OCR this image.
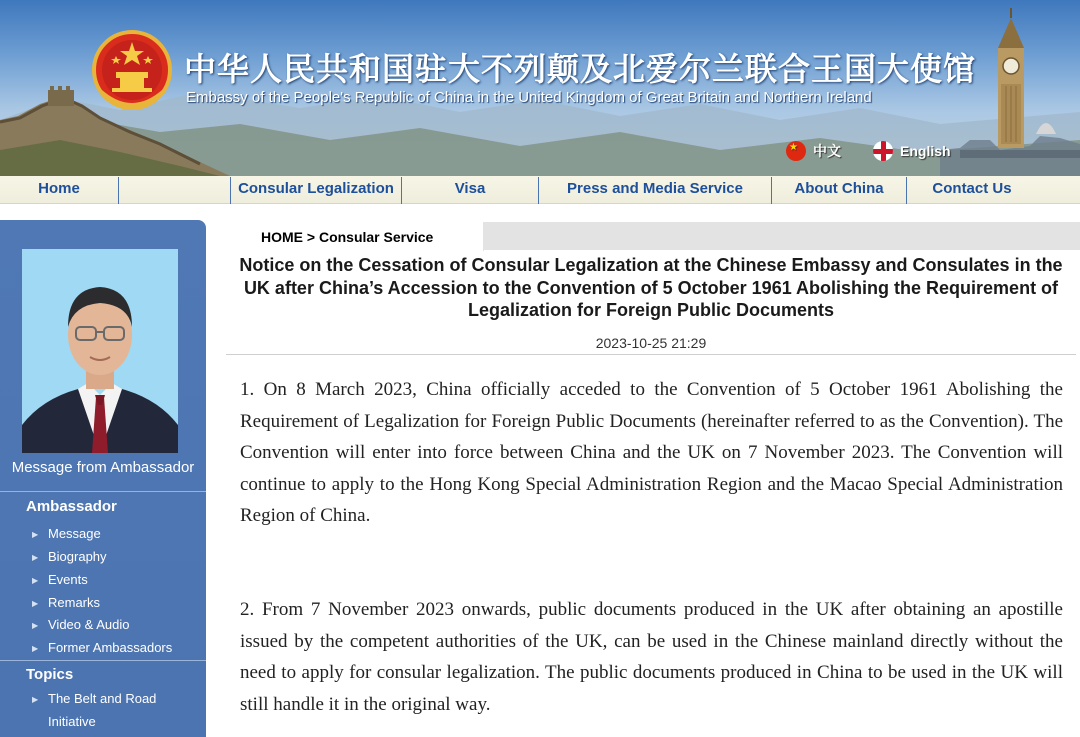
中华人民共和国驻大不列颠及北爱尔兰联合王国大使馆
Embassy of the People's Republic of China in the United Kingdom of Great Britain and Northern Ireland
★
中文	English
Home	Consular Legalization	Visa	Press and Media Service	About China	Contact Us
Message from Ambassador
Ambassador
▶ Message
▶ Biography
▶ Events
▶ Remarks
▶ Video & Audio
▶ Former Ambassadors
Topics
▶ The Belt and Road
Initiative
HOME > Consular Service
Notice on the Cessation of Consular Legalization at the Chinese Embassy and Consulates in the UK after China’s Accession to the Convention of 5 October 1961 Abolishing the Requirement of Legalization for Foreign Public Documents
2023-10-25 21:29
1. On 8 March 2023, China officially acceded to the Convention of 5 October 1961 Abolishing the Requirement of Legalization for Foreign Public Documents (hereinafter referred to as the Convention). The Convention will enter into force between China and the UK on 7 November 2023. The Convention will continue to apply to the Hong Kong Special Administration Region and the Macao Special Administration Region of China.
2. From 7 November 2023 onwards, public documents produced in the UK after obtaining an apostille issued by the competent authorities of the UK, can be used in the Chinese mainland directly without the need to apply for consular legalization. The public documents produced in China to be used in the UK will still handle it in the original way.
